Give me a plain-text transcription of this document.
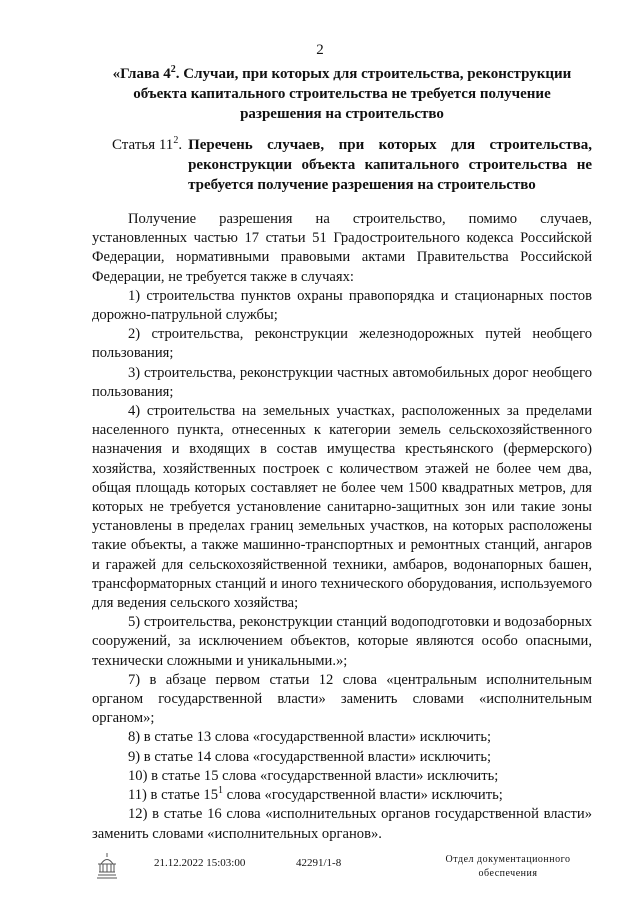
2
«Глава $4^2$. Случаи, при которых для строительства, реконструкции объекта капитального строительства не требуется получение разрешения на строительство
Статья $11^2$. Перечень случаев, при которых для строительства, реконструкции объекта капитального строительства не требуется получение разрешения на строительство

Получение разрешения на строительство, помимо случаев, установленных частью 17 статьи 51 Градостроительного кодекса Российской Федерации, нормативными правовыми актами Правительства Российской Федерации, не требуется также в случаях:

1) строительства пунктов охраны правопорядка и стационарных постов дорожно-патрульной службы;

2) строительства, реконструкции железнодорожных путей необщего пользования;

3) строительства, реконструкции частных автомобильных дорог необщего пользования;

4) строительства на земельных участках, расположенных за пределами населенного пункта, отнесенных к категории земель сельскохозяйственного назначения и входящих в состав имущества крестьянского (фермерского) хозяйства, хозяйственных построек с количеством этажей не более чем два, общая площадь которых составляет не более чем 1500 квадратных метров, для которых не требуется установление санитарно-защитных зон или такие зоны установлены в пределах границ земельных участков, на которых расположены такие объекты, а также машинно-транспортных и ремонтных станций, ангаров и гаражей для сельскохозяйственной техники, амбаров, водонапорных башен, трансформаторных станций и иного технического оборудования, используемого для ведения сельского хозяйства;

5) строительства, реконструкции станций водоподготовки и водозаборных сооружений, за исключением объектов, которые являются особо опасными, технически сложными и уникальными.»;

7) в абзаце первом статьи 12 слова «центральным исполнительным органом государственной власти» заменить словами «исполнительным органом»;

8) в статье 13 слова «государственной власти» исключить;

9) в статье 14 слова «государственной власти» исключить;

10) в статье 15 слова «государственной власти» исключить;

11) в статье $15^1$ слова «государственной власти» исключить;

12) в статье 16 слова «исполнительных органов государственной власти» заменить словами «исполнительных органов».

21.12.2022 15:03:00	42291/1-8	Отдел документационного
обеспечения
